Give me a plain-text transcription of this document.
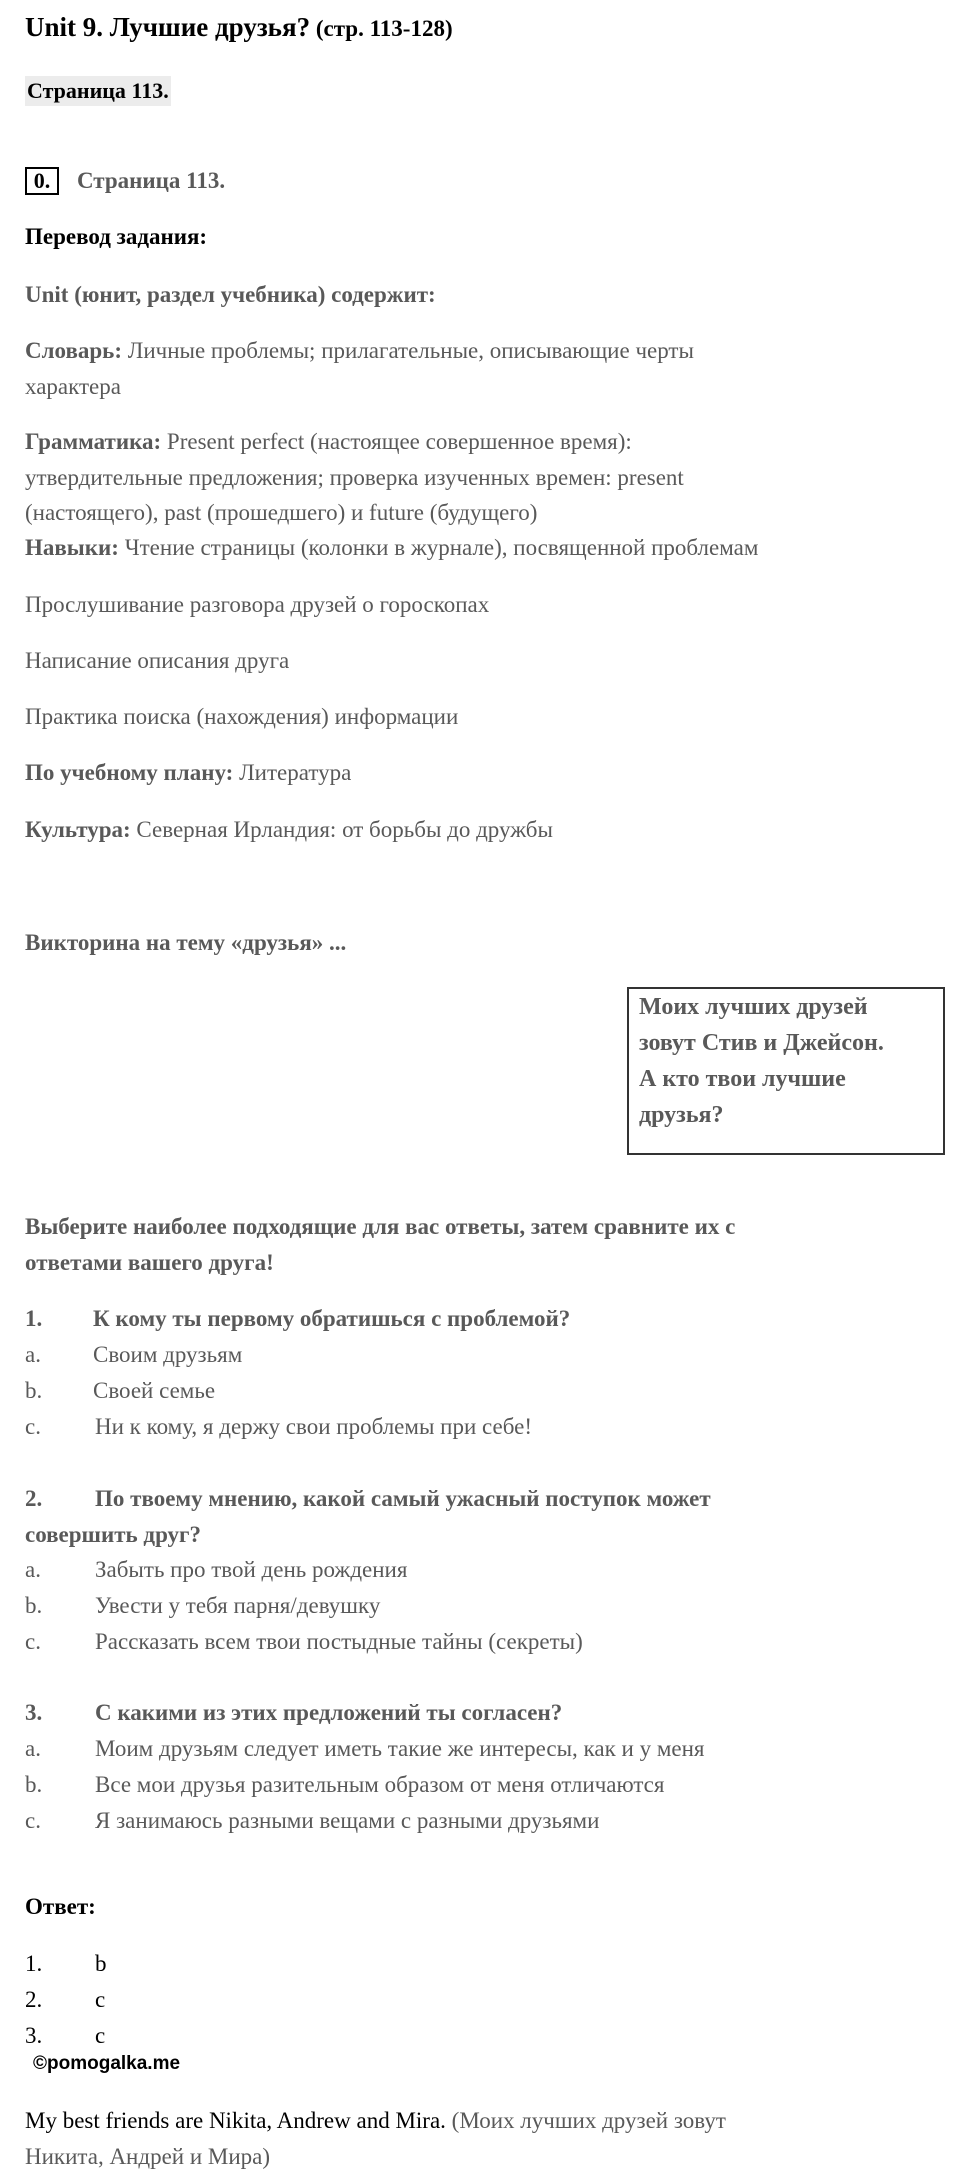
Unit 9. Лучшие друзья? (стр. 113-128)
Страница 113.
0.	Страница 113.
Перевод задания:
Unit (юнит, раздел учебника) содержит:
Словарь: Личные проблемы; прилагательные, описывающие черты
характера
Грамматика: Present perfect (настоящее совершенное время):
утвердительные предложения; проверка изученных времен: present
(настоящего), past (прошедшего) и future (будущего)
Навыки: Чтение страницы (колонки в журнале), посвященной проблемам
Прослушивание разговора друзей о гороскопах
Написание описания друга
Практика поиска (нахождения) информации
По учебному плану: Литература
Культура: Северная Ирландия: от борьбы до дружбы
Викторина на тему «друзья» ...
Моих лучших друзей
зовут Стив и Джейсон.
А кто твои лучшие
друзья?
Выберите наиболее подходящие для вас ответы, затем сравните их с
ответами вашего друга!
1. К кому ты первому обратишься с проблемой?
a. Своим друзьям
b. Своей семье
c. Ни к кому, я держу свои проблемы при себе!
2. По твоему мнению, какой самый ужасный поступок может
совершить друг?
a. Забыть про твой день рождения
b. Увести у тебя парня/девушку
c. Рассказать всем твои постыдные тайны (секреты)
3. С какими из этих предложений ты согласен?
a. Моим друзьям следует иметь такие же интересы, как и у меня
b. Все мои друзья разительным образом от меня отличаются
c. Я занимаюсь разными вещами с разными друзьями
Ответ:
1. b
2. c
3. c
©pomogalka.me
My best friends are Nikita, Andrew and Mira. (Моих лучших друзей зовут
Никита, Андрей и Мира)
